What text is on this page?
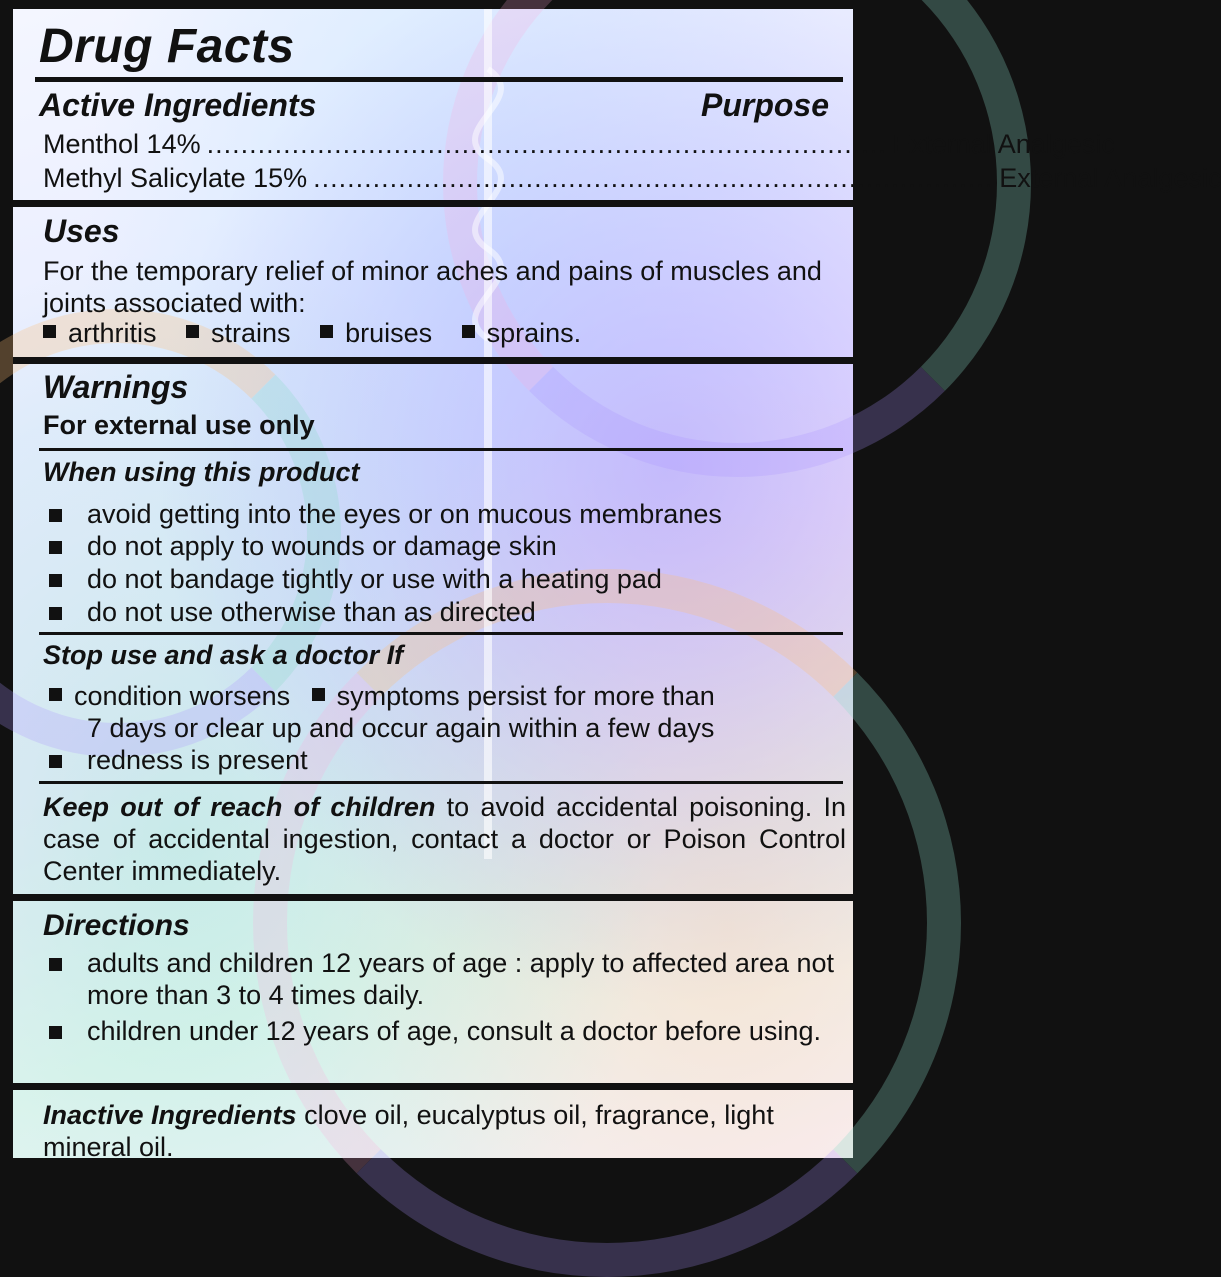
Drug Facts
Active Ingredients	Purpose
Menthol 14% ................................................................................ External Analgesic
Methyl Salicylate 15% ................................................................................ External Analgesic
Uses
For the temporary relief of minor aches and pains of muscles and joints associated with:
arthritis strains bruises sprains.
Warnings
For external use only
When using this product
avoid getting into the eyes or on mucous membranes
do not apply to wounds or damage skin
do not bandage tightly or use with a heating pad
do not use otherwise than as directed
Stop use and ask a doctor If
condition worsens symptoms persist for more than
7 days or clear up and occur again within a few days
redness is present
Keep out of reach of children to avoid accidental poisoning. In case of accidental ingestion, contact a doctor or Poison Control Center immediately.
Directions
adults and children 12 years of age : apply to affected area not more than 3 to 4 times daily.
children under 12 years of age, consult a doctor before using.
Inactive Ingredients clove oil, eucalyptus oil, fragrance, light mineral oil.
